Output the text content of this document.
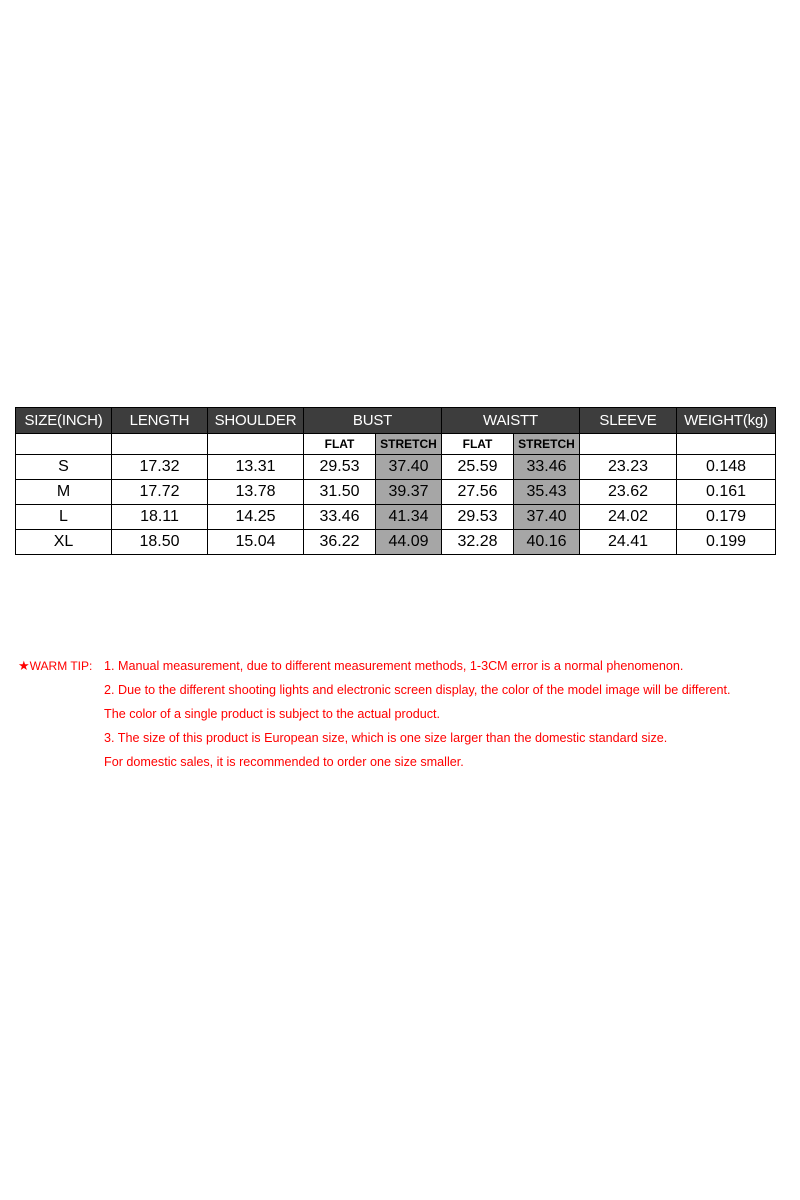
SIZE(INCH)	LENGTH	SHOULDER	BUST		WAISTT		SLEEVE	WEIGHT(kg)
			FLAT	STRETCH	FLAT	STRETCH		
S	17.32	13.31	29.53	37.40	25.59	33.46	23.23	0.148
M	17.72	13.78	31.50	39.37	27.56	35.43	23.62	0.161
L	18.11	14.25	33.46	41.34	29.53	37.40	24.02	0.179
XL	18.50	15.04	36.22	44.09	32.28	40.16	24.41	0.199
★WARM TIP: 1. Manual measurement, due to different measurement methods, 1-3CM error is a normal phenomenon.
2. Due to the different shooting lights and electronic screen display, the color of the model image will be different.
The color of a single product is subject to the actual product.
3. The size of this product is European size, which is one size larger than the domestic standard size.
For domestic sales, it is recommended to order one size smaller.
